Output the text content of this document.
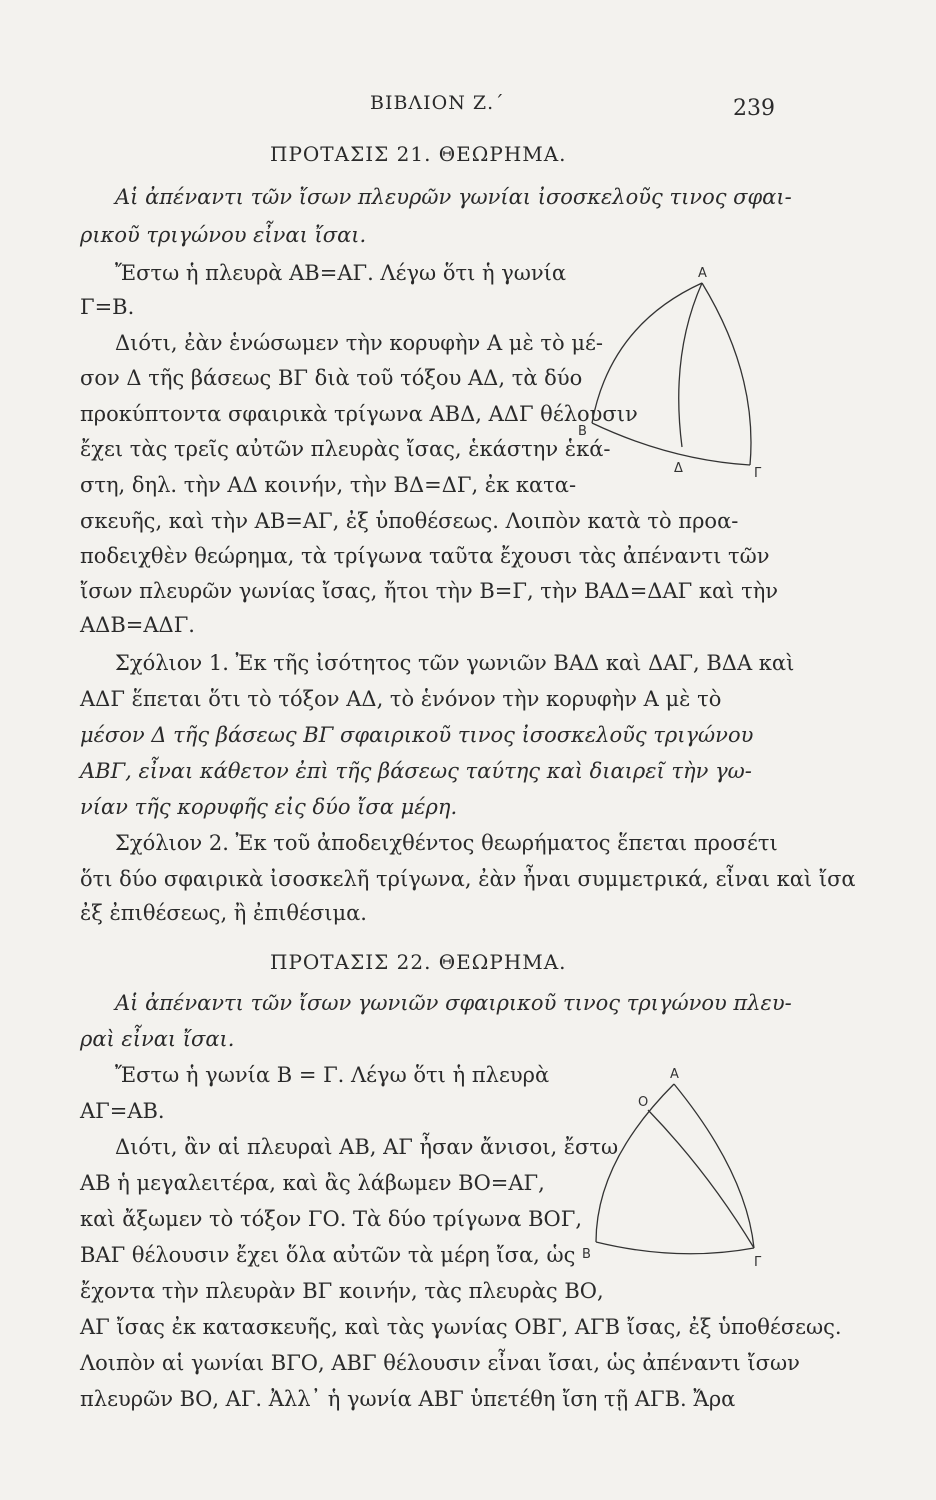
ΒΙΒΛΙΟΝ Ζ.΄	239
ΠΡΟΤΑΣΙΣ 21. ΘΕΩΡΗΜΑ.
Αἱ ἀπέναντι τῶν ἴσων πλευρῶν γωνίαι ἰσοσκελοῦς τινος σφαι-
ρικοῦ τριγώνου εἶναι ἴσαι.
Ἔστω ἡ πλευρὰ ΑΒ=ΑΓ. Λέγω ὅτι ἡ γωνία
Γ=Β.
Διότι, ἐὰν ἑνώσωμεν τὴν κορυφὴν Α μὲ τὸ μέ-
σον Δ τῆς βάσεως ΒΓ διὰ τοῦ τόξου ΑΔ, τὰ δύο
προκύπτοντα σφαιρικὰ τρίγωνα ΑΒΔ, ΑΔΓ θέλουσιν
ἔχει τὰς τρεῖς αὐτῶν πλευρὰς ἴσας, ἑκάστην ἑκά-
στη, δηλ. τὴν ΑΔ κοινήν, τὴν ΒΔ=ΔΓ, ἐκ κατα-
σκευῆς, καὶ τὴν ΑΒ=ΑΓ, ἐξ ὑποθέσεως. Λοιπὸν κατὰ τὸ προα-
ποδειχθὲν θεώρημα, τὰ τρίγωνα ταῦτα ἔχουσι τὰς ἀπέναντι τῶν
ἴσων πλευρῶν γωνίας ἴσας, ἤτοι τὴν Β=Γ, τὴν ΒΑΔ=ΔΑΓ καὶ τὴν
ΑΔΒ=ΑΔΓ.
Σχόλιον 1. Ἐκ τῆς ἰσότητος τῶν γωνιῶν ΒΑΔ καὶ ΔΑΓ, ΒΔΑ καὶ
ΑΔΓ ἕπεται ὅτι τὸ τόξον ΑΔ, τὸ ἑνόνον τὴν κορυφὴν Α μὲ τὸ
μέσον Δ τῆς βάσεως ΒΓ σφαιρικοῦ τινος ἰσοσκελοῦς τριγώνου
ΑΒΓ, εἶναι κάθετον ἐπὶ τῆς βάσεως ταύτης καὶ διαιρεῖ τὴν γω-
νίαν τῆς κορυφῆς εἰς δύο ἴσα μέρη.
Σχόλιον 2. Ἐκ τοῦ ἀποδειχθέντος θεωρήματος ἕπεται προσέτι
ὅτι δύο σφαιρικὰ ἰσοσκελῆ τρίγωνα, ἐὰν ἦναι συμμετρικά, εἶναι καὶ ἴσα
ἐξ ἐπιθέσεως, ἢ ἐπιθέσιμα.
Α
Β
Δ	Γ
ΠΡΟΤΑΣΙΣ 22. ΘΕΩΡΗΜΑ.
Αἱ ἀπέναντι τῶν ἴσων γωνιῶν σφαιρικοῦ τινος τριγώνου πλευ-
ραὶ εἶναι ἴσαι.
Ἔστω ἡ γωνία Β = Γ. Λέγω ὅτι ἡ πλευρὰ
ΑΓ=ΑΒ.
Διότι, ἂν αἱ πλευραὶ ΑΒ, ΑΓ ἦσαν ἄνισοι, ἔστω
ΑΒ ἡ μεγαλειτέρα, καὶ ἂς λάβωμεν ΒΟ=ΑΓ,
καὶ ἄξωμεν τὸ τόξον ΓΟ. Τὰ δύο τρίγωνα ΒΟΓ,
ΒΑΓ θέλουσιν ἔχει ὅλα αὐτῶν τὰ μέρη ἴσα, ὡς
ἔχοντα τὴν πλευρὰν ΒΓ κοινήν, τὰς πλευρὰς ΒΟ,
ΑΓ ἴσας ἐκ κατασκευῆς, καὶ τὰς γωνίας ΟΒΓ, ΑΓΒ ἴσας, ἐξ ὑποθέσεως.
Λοιπὸν αἱ γωνίαι ΒΓΟ, ΑΒΓ θέλουσιν εἶναι ἴσαι, ὡς ἀπέναντι ἴσων
πλευρῶν ΒΟ, ΑΓ. Ἀλλ᾽ ἡ γωνία ΑΒΓ ὑπετέθη ἴση τῇ ΑΓΒ. Ἄρα
Α
Ο
Β
Γ
